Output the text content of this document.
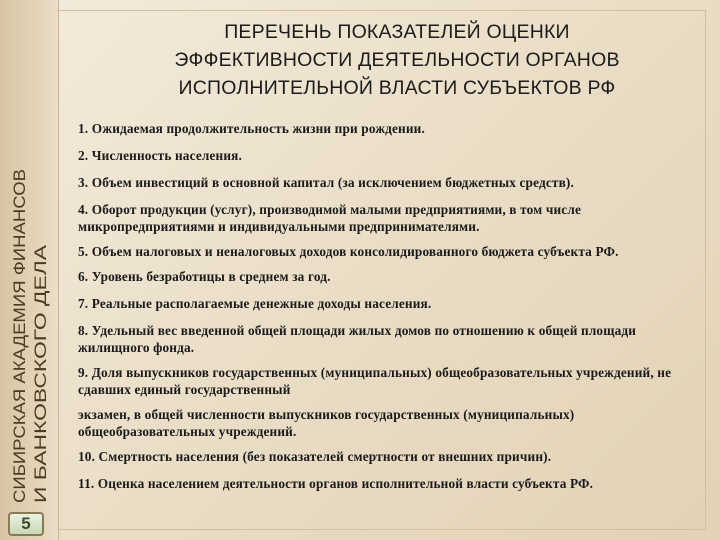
СИБИРСКАЯ АКАДЕМИЯ ФИНАНСОВ И БАНКОВСКОГО ДЕЛА
5
ПЕРЕЧЕНЬ ПОКАЗАТЕЛЕЙ ОЦЕНКИ
ЭФФЕКТИВНОСТИ ДЕЯТЕЛЬНОСТИ ОРГАНОВ
ИСПОЛНИТЕЛЬНОЙ ВЛАСТИ СУБЪЕКТОВ РФ
1. Ожидаемая продолжительность жизни при рождении.
2. Численность населения.
3. Объем инвестиций в основной капитал (за исключением бюджетных средств).
4. Оборот продукции (услуг), производимой малыми предприятиями, в том числе микропредприятиями и индивидуальными предпринимателями.
5. Объем налоговых и неналоговых доходов консолидированного бюджета субъекта РФ.
6. Уровень безработицы в среднем за год.
7. Реальные располагаемые денежные доходы населения.
8. Удельный вес введенной общей площади жилых домов по отношению к общей площади жилищного фонда.
9. Доля выпускников государственных (муниципальных) общеобразовательных учреждений, не сдавших единый государственный
экзамен, в общей численности выпускников государственных (муниципальных) общеобразовательных учреждений.
10. Смертность населения (без показателей смертности от внешних причин).
11. Оценка населением деятельности органов исполнительной власти субъекта РФ.
